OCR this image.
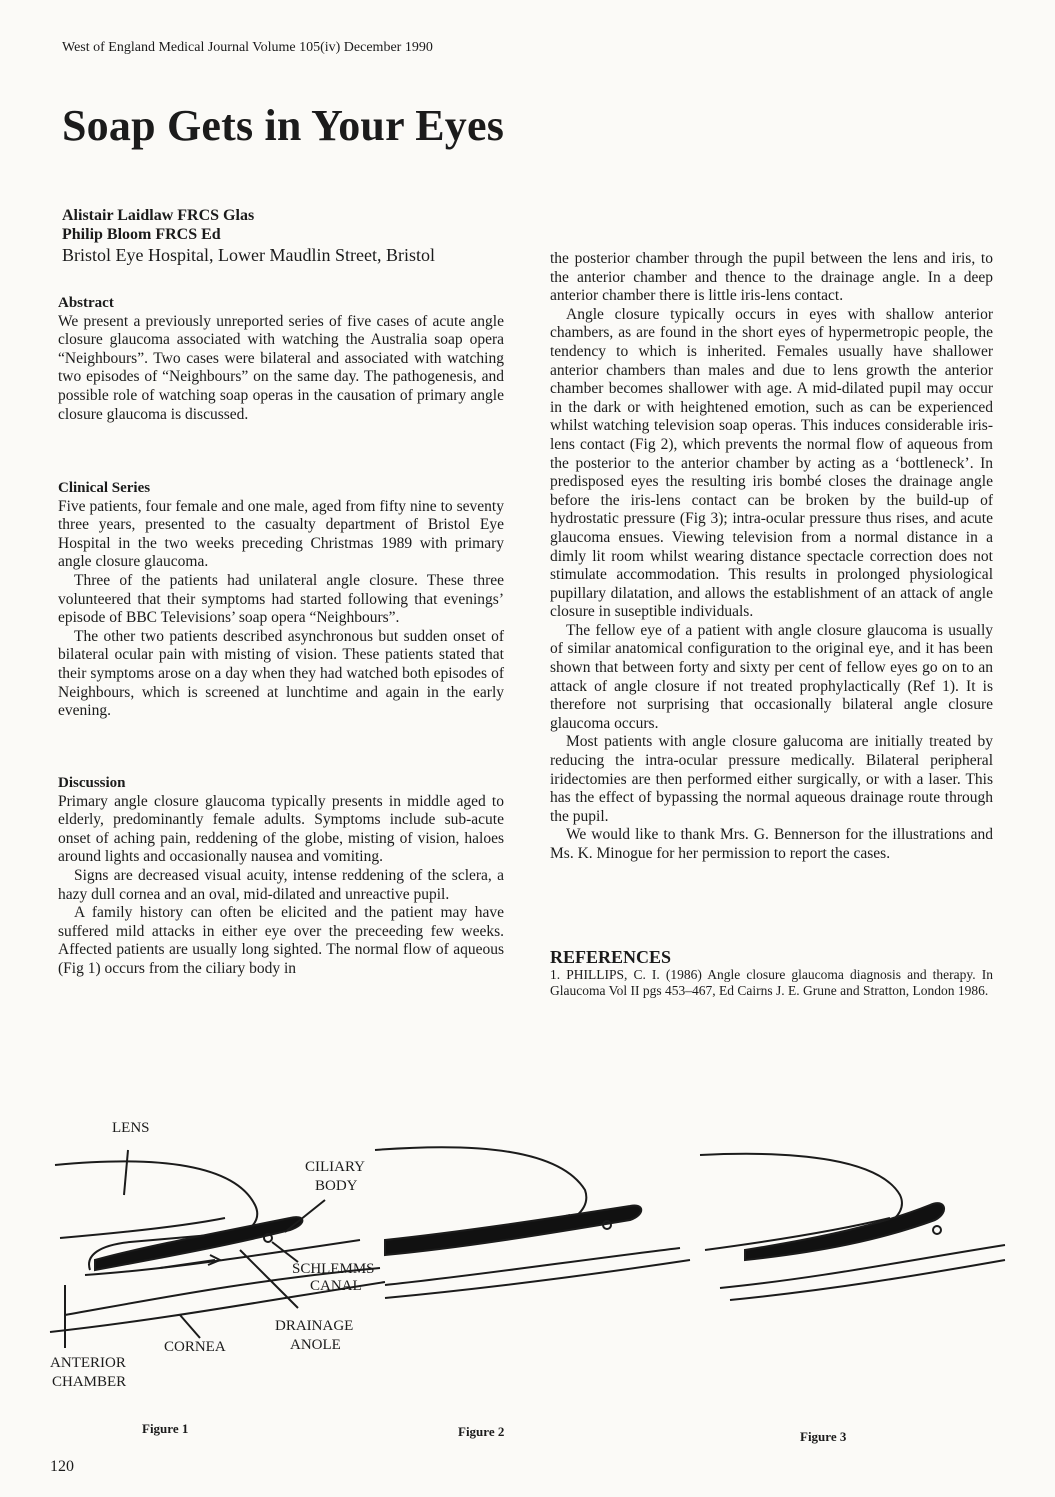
West of England Medical Journal Volume 105(iv) December 1990
Soap Gets in Your Eyes
Alistair Laidlaw FRCS Glas
Philip Bloom FRCS Ed
Bristol Eye Hospital, Lower Maudlin Street, Bristol
Abstract

We present a previously unreported series of five cases of acute angle closure glaucoma associated with watching the Australia soap opera “Neighbours”. Two cases were bilateral and associated with watching two episodes of “Neighbours” on the same day. The pathogenesis, and possible role of watching soap operas in the causation of primary angle closure glaucoma is discussed.

Clinical Series

Five patients, four female and one male, aged from fifty nine to seventy three years, presented to the casualty department of Bristol Eye Hospital in the two weeks preceding Christmas 1989 with primary angle closure glaucoma.

Three of the patients had unilateral angle closure. These three volunteered that their symptoms had started following that evenings’ episode of BBC Televisions’ soap opera “Neighbours”.

The other two patients described asynchronous but sudden onset of bilateral ocular pain with misting of vision. These patients stated that their symptoms arose on a day when they had watched both episodes of Neighbours, which is screened at lunchtime and again in the early evening.

Discussion

Primary angle closure glaucoma typically presents in middle aged to elderly, predominantly female adults. Symptoms include sub-acute onset of aching pain, reddening of the globe, misting of vision, haloes around lights and occasionally nausea and vomiting.

Signs are decreased visual acuity, intense reddening of the sclera, a hazy dull cornea and an oval, mid-dilated and unreactive pupil.

A family history can often be elicited and the patient may have suffered mild attacks in either eye over the preceeding few weeks. Affected patients are usually long sighted. The normal flow of aqueous (Fig 1) occurs from the ciliary body in

the posterior chamber through the pupil between the lens and iris, to the anterior chamber and thence to the drainage angle. In a deep anterior chamber there is little iris-lens contact.

Angle closure typically occurs in eyes with shallow anterior chambers, as are found in the short eyes of hypermetropic people, the tendency to which is inherited. Females usually have shallower anterior chambers than males and due to lens growth the anterior chamber becomes shallower with age. A mid-dilated pupil may occur in the dark or with heightened emotion, such as can be experienced whilst watching television soap operas. This induces considerable iris-lens contact (Fig 2), which prevents the normal flow of aqueous from the posterior to the anterior chamber by acting as a ‘bottleneck’. In predisposed eyes the resulting iris bombé closes the drainage angle before the iris-lens contact can be broken by the build-up of hydrostatic pressure (Fig 3); intra-ocular pressure thus rises, and acute glaucoma ensues. Viewing television from a normal distance in a dimly lit room whilst wearing distance spectacle correction does not stimulate accommodation. This results in prolonged physiological pupillary dilatation, and allows the establishment of an attack of angle closure in suseptible individuals.

The fellow eye of a patient with angle closure glaucoma is usually of similar anatomical configuration to the original eye, and it has been shown that between forty and sixty per cent of fellow eyes go on to an attack of angle closure if not treated prophylactically (Ref 1). It is therefore not surprising that occasionally bilateral angle closure glaucoma occurs.

Most patients with angle closure galucoma are initially treated by reducing the intra-ocular pressure medically. Bilateral peripheral iridectomies are then performed either surgically, or with a laser. This has the effect of bypassing the normal aqueous drainage route through the pupil.

We would like to thank Mrs. G. Bennerson for the illustrations and Ms. K. Minogue for her permission to report the cases.

REFERENCES

1. PHILLIPS, C. I. (1986) Angle closure glaucoma diagnosis and therapy. In Glaucoma Vol II pgs 453–467, Ed Cairns J. E. Grune and Stratton, London 1986.

LENS
CILIARY
BODY
SCHLEMMS
CANAL
DRAINAGE
ANOLE
CORNEA
ANTERIOR
CHAMBER
Figure 1	Figure 2	Figure 3
120
